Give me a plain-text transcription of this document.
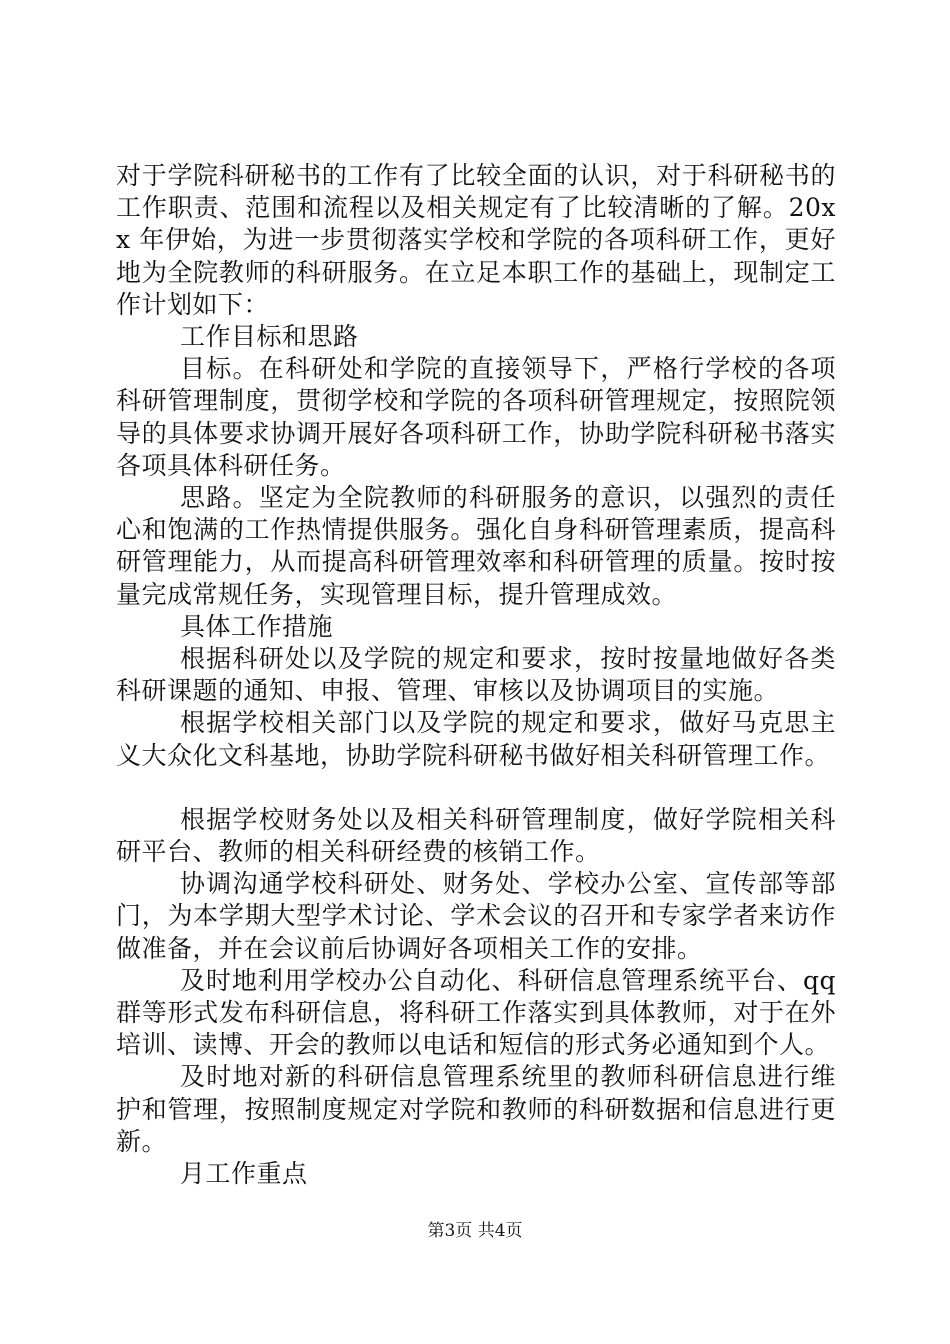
对于学院科研秘书的工作有了比较全面的认识，对于科研秘书的工作职责、范围和流程以及相关规定有了比较清晰的了解。20xx 年伊始，为进一步贯彻落实学校和学院的各项科研工作，更好地为全院教师的科研服务。在立足本职工作的基础上，现制定工作计划如下：

工作目标和思路

目标。在科研处和学院的直接领导下，严格行学校的各项科研管理制度，贯彻学校和学院的各项科研管理规定，按照院领导的具体要求协调开展好各项科研工作，协助学院科研秘书落实各项具体科研任务。

思路。坚定为全院教师的科研服务的意识，以强烈的责任心和饱满的工作热情提供服务。强化自身科研管理素质，提高科研管理能力，从而提高科研管理效率和科研管理的质量。按时按量完成常规任务，实现管理目标，提升管理成效。

具体工作措施

根据科研处以及学院的规定和要求，按时按量地做好各类科研课题的通知、申报、管理、审核以及协调项目的实施。

根据学校相关部门以及学院的规定和要求，做好马克思主义大众化文科基地，协助学院科研秘书做好相关科研管理工作。

根据学校财务处以及相关科研管理制度，做好学院相关科研平台、教师的相关科研经费的核销工作。

协调沟通学校科研处、财务处、学校办公室、宣传部等部门，为本学期大型学术讨论、学术会议的召开和专家学者来访作做准备，并在会议前后协调好各项相关工作的安排。

及时地利用学校办公自动化、科研信息管理系统平台、qq群等形式发布科研信息，将科研工作落实到具体教师，对于在外培训、读博、开会的教师以电话和短信的形式务必通知到个人。

及时地对新的科研信息管理系统里的教师科研信息进行维护和管理，按照制度规定对学院和教师的科研数据和信息进行更新。

月工作重点

第3页 共4页
